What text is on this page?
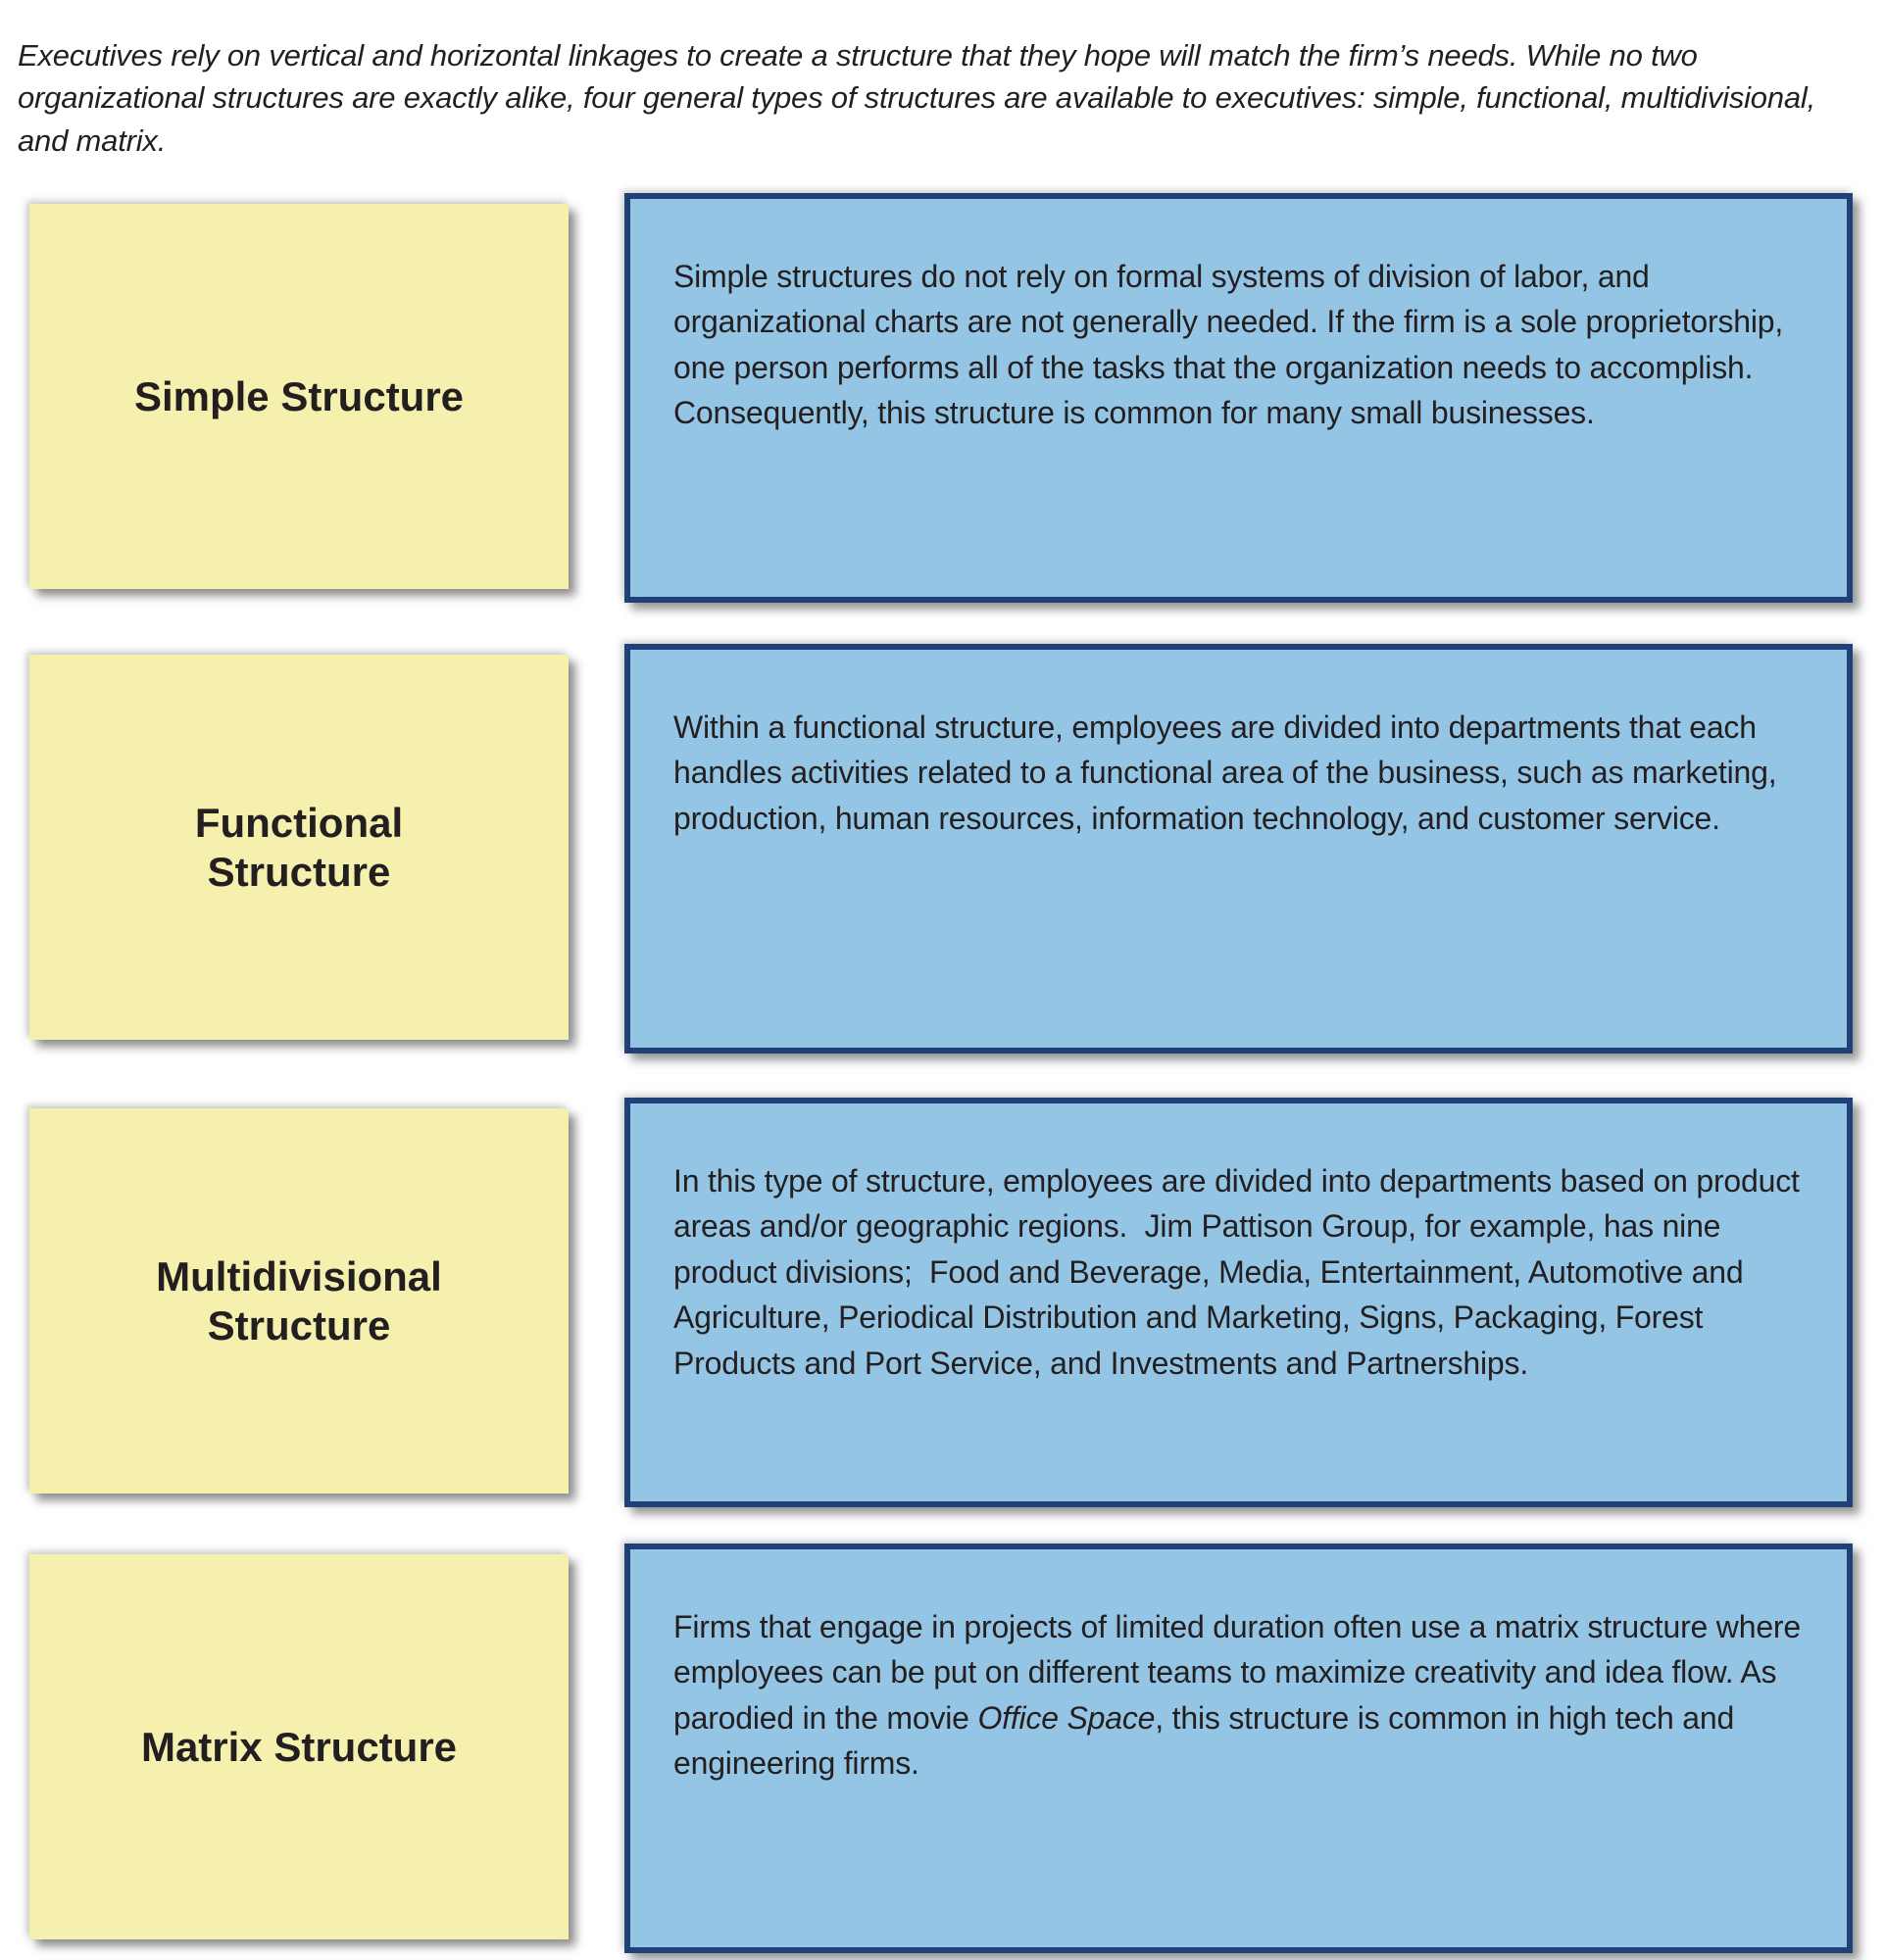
Executives rely on vertical and horizontal linkages to create a structure that they hope will match the firm’s needs. While no two organizational structures are exactly alike, four general types of structures are available to executives: simple, functional, multidivisional, and matrix.

Simple Structure

Simple structures do not rely on formal systems of division of labor, and organizational charts are not generally needed. If the firm is a sole proprietorship, one person performs all of the tasks that the organization needs to accomplish. Consequently, this structure is common for many small businesses.

Functional Structure

Within a functional structure, employees are divided into departments that each handles activities related to a functional area of the business, such as marketing, production, human resources, information technology, and customer service.

Multidivisional Structure

In this type of structure, employees are divided into departments based on product areas and/or geographic regions.  Jim Pattison Group, for example, has nine product divisions;  Food and Beverage, Media, Entertainment, Automotive and Agriculture, Periodical Distribution and Marketing, Signs, Packaging, Forest Products and Port Service, and Investments and Partnerships.

Matrix Structure

Firms that engage in projects of limited duration often use a matrix structure where employees can be put on different teams to maximize creativity and idea flow. As parodied in the movie Office Space, this structure is common in high tech and engineering firms.
